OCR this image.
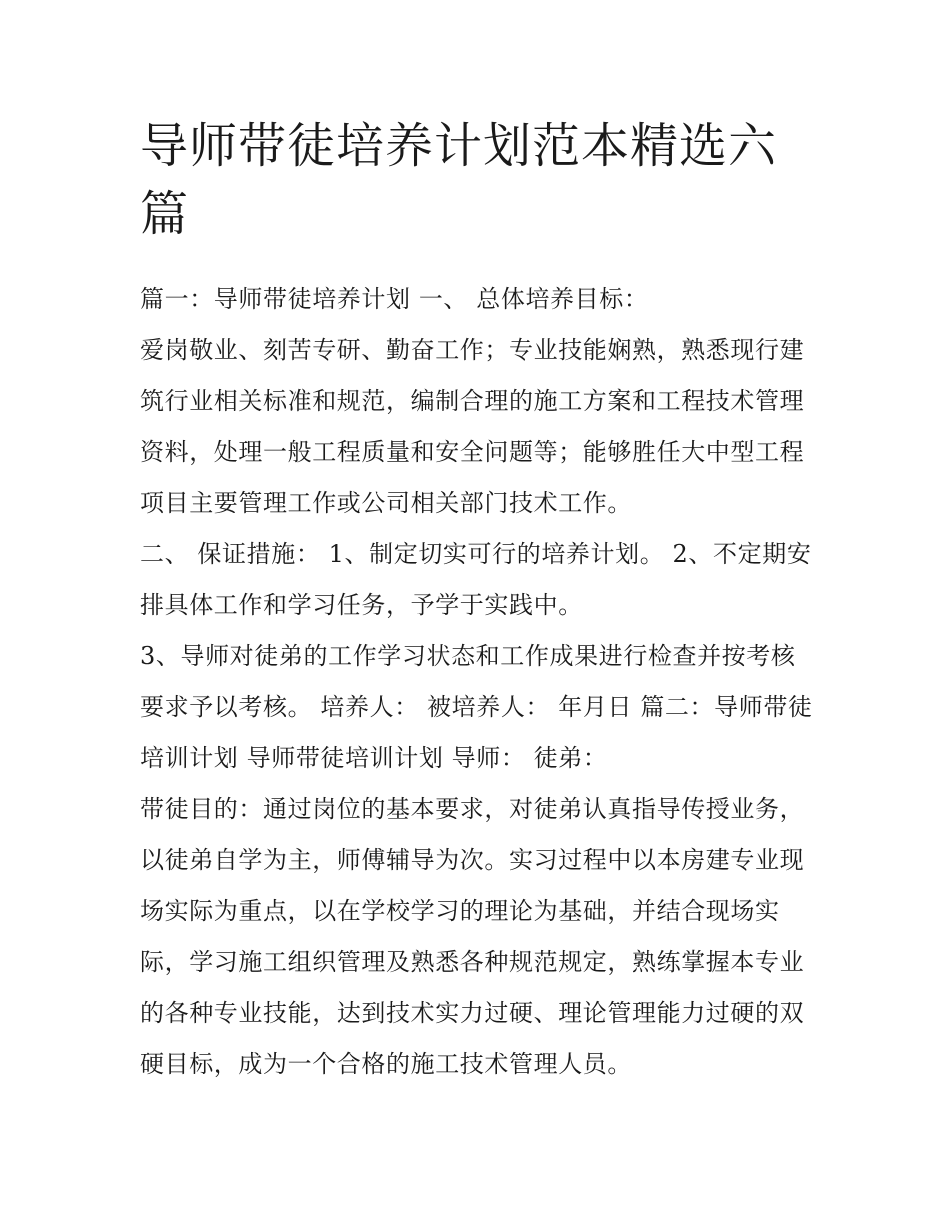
导师带徒培养计划范本精选六篇

篇一：导师带徒培养计划 一、 总体培养目标：

爱岗敬业、刻苦专研、勤奋工作；专业技能娴熟，熟悉现行建筑行业相关标准和规范，编制合理的施工方案和工程技术管理资料，处理一般工程质量和安全问题等；能够胜任大中型工程项目主要管理工作或公司相关部门技术工作。

二、 保证措施： 1、制定切实可行的培养计划。 2、不定期安排具体工作和学习任务，予学于实践中。

3、导师对徒弟的工作学习状态和工作成果进行检查并按考核要求予以考核。 培养人： 被培养人： 年月日 篇二：导师带徒培训计划 导师带徒培训计划 导师： 徒弟：

带徒目的：通过岗位的基本要求，对徒弟认真指导传授业务，以徒弟自学为主，师傅辅导为次。实习过程中以本房建专业现场实际为重点，以在学校学习的理论为基础，并结合现场实际，学习施工组织管理及熟悉各种规范规定，熟练掌握本专业的各种专业技能，达到技术实力过硬、理论管理能力过硬的双硬目标，成为一个合格的施工技术管理人员。
